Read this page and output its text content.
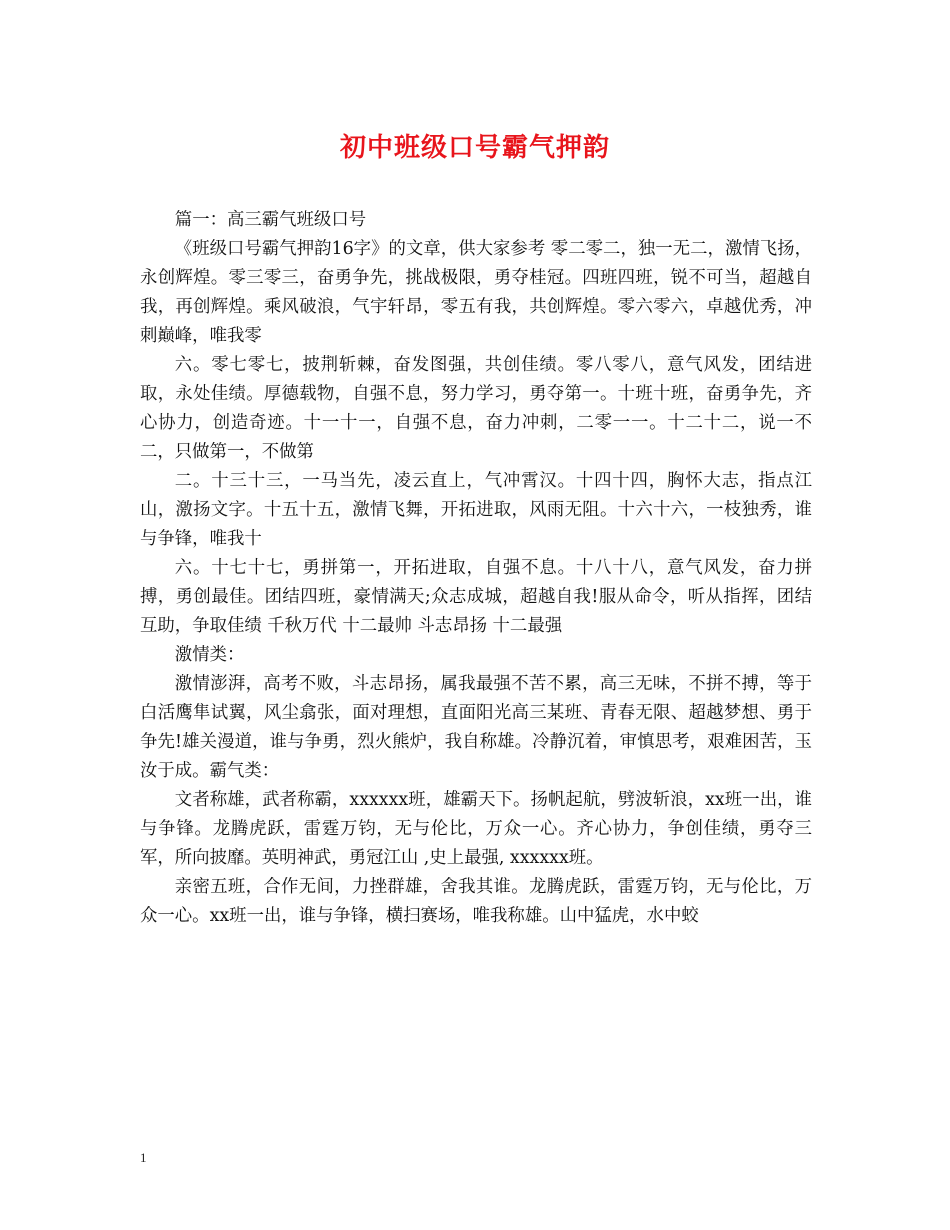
初中班级口号霸气押韵

篇一：高三霸气班级口号

《班级口号霸气押韵16字》的文章，供大家参考 零二零二，独一无二，激情飞扬，永创辉煌。零三零三，奋勇争先，挑战极限，勇夺桂冠。四班四班，锐不可当，超越自我，再创辉煌。乘风破浪，气宇轩昂，零五有我，共创辉煌。零六零六，卓越优秀，冲刺巅峰，唯我零

六。零七零七，披荆斩棘，奋发图强，共创佳绩。零八零八，意气风发，团结进取，永处佳绩。厚德载物，自强不息，努力学习，勇夺第一。十班十班，奋勇争先，齐心协力，创造奇迹。十一十一，自强不息，奋力冲刺，二零一一。十二十二，说一不二，只做第一，不做第

二。十三十三，一马当先，凌云直上，气冲霄汉。十四十四，胸怀大志，指点江山，激扬文字。十五十五，激情飞舞，开拓进取，风雨无阻。十六十六，一枝独秀，谁与争锋，唯我十

六。十七十七，勇拼第一，开拓进取，自强不息。十八十八，意气风发，奋力拼搏，勇创最佳。团结四班，豪情满天;众志成城，超越自我!服从命令，听从指挥，团结互助，争取佳绩 千秋万代 十二最帅 斗志昂扬 十二最强

激情类：

激情澎湃，高考不败，斗志昂扬，属我最强不苦不累，高三无味，不拼不搏，等于白活鹰隼试翼，风尘翕张，面对理想，直面阳光高三某班、青春无限、超越梦想、勇于争先!雄关漫道，谁与争勇，烈火熊炉，我自称雄。冷静沉着，审慎思考，艰难困苦，玉汝于成。霸气类：

文者称雄，武者称霸，xxxxxx班，雄霸天下。扬帆起航，劈波斩浪，xx班一出，谁与争锋。龙腾虎跃，雷霆万钧，无与伦比，万众一心。齐心协力，争创佳绩，勇夺三军，所向披靡。英明神武，勇冠江山 ,史上最强, xxxxxx班。

亲密五班，合作无间，力挫群雄，舍我其谁。龙腾虎跃，雷霆万钧，无与伦比，万众一心。xx班一出，谁与争锋，横扫赛场，唯我称雄。山中猛虎，水中蛟

1
